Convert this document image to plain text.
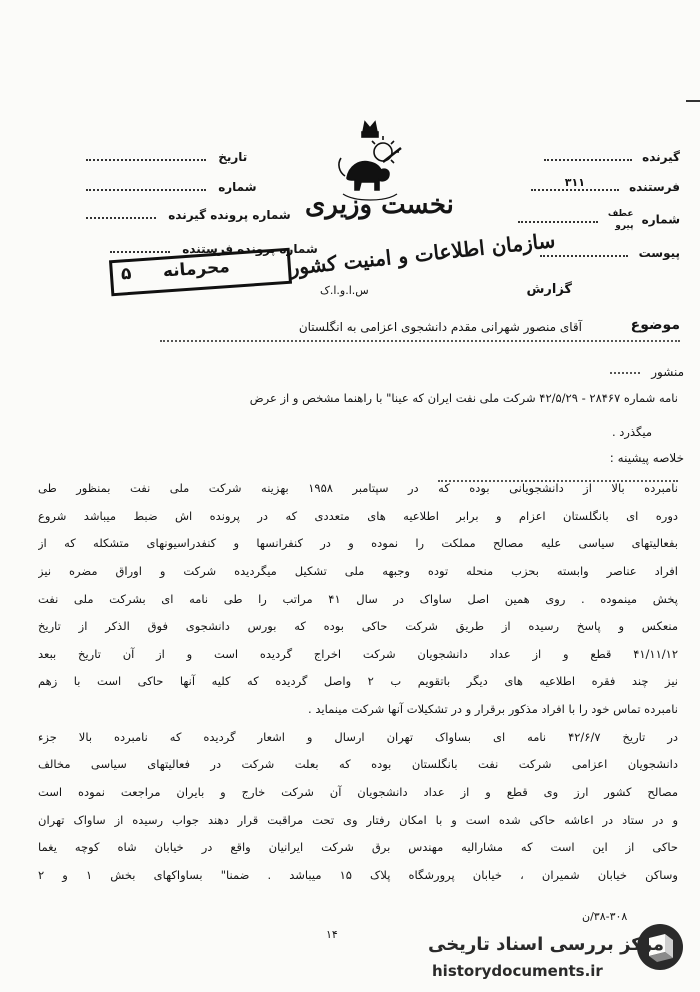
گیرنده
فرستنده ۳۱۱
شماره عطف
پیرو
پیوست
گزارش
تاریخ
شماره
شماره پرونده گیرنده
شماره پرونده فرستنده
نخست وزیری
سازمان اطلاعات و امنیت کشور
س.ا.و.ا.ک
محرمانه
۵
موضوع
آقای منصور شهرانی مقدم دانشجوی اعزامی به انگلستان
منشور
نامه شماره ۲۸۴۶۷ - ۴۲/۵/۲۹ شرکت ملی نفت ایران که عینا" با راهنما مشخص و از عرض
میگذرد .
خلاصه پیشینه :
نامبرده بالا از دانشجویانی بوده که در سپتامبر ۱۹۵۸ بهزینه شرکت ملی نفت بمنظور طی
دوره ای بانگلستان اعزام و برابر اطلاعیه های متعددی که در پرونده اش ضبط میباشد شروع
بفعالیتهای سیاسی علیه مصالح مملکت را نموده و در کنفرانسها و کنفدراسیونهای متشکله که از
افراد عناصر وابسته بحزب منحله توده وجبهه ملی تشکیل میگردیده شرکت و اوراق مضره نیز
پخش مینموده . روی همین اصل ساواک در سال ۴۱ مراتب را طی نامه ای بشرکت ملی نفت
منعکس و پاسخ رسیده از طریق شرکت حاکی بوده که بورس دانشجوی فوق الذکر از تاریخ
۴۱/۱۱/۱۲ قطع و از عداد دانشجویان شرکت اخراج گردیده است و از آن تاریخ ببعد
نیز چند فقره اطلاعیه های دیگر باتقویم ب ۲ واصل گردیده که کلیه آنها حاکی است با زهم
نامبرده تماس خود را با افراد مذکور برقرار و در تشکیلات آنها شرکت مینماید .
در تاریخ ۴۲/۶/۷ نامه ای بساواک تهران ارسال و اشعار گردیده که نامبرده بالا جزء
دانشجویان اعزامی شرکت نفت بانگلستان بوده که بعلت شرکت در فعالیتهای سیاسی مخالف
مصالح کشور ارز وی قطع و از عداد دانشجویان آن شرکت خارج و بایران مراجعت نموده است
و در ستاد در اعاشه حاکی شده است و با امکان رفتار وی تحت مراقبت قرار دهند جواب رسیده از ساواک تهران
حاکی از این است که مشارالیه مهندس برق شرکت ایرانیان واقع در خیابان شاه کوچه یغما
وساکن خیابان شمیران ، خیابان پرورشگاه پلاک ۱۵ میباشد . ضمنا" بساواکهای بخش ۱ و ۲
۳۸-۳۰۸/ن
۱۴	مرکز بررسی اسناد تاریخی
historydocuments.ir
